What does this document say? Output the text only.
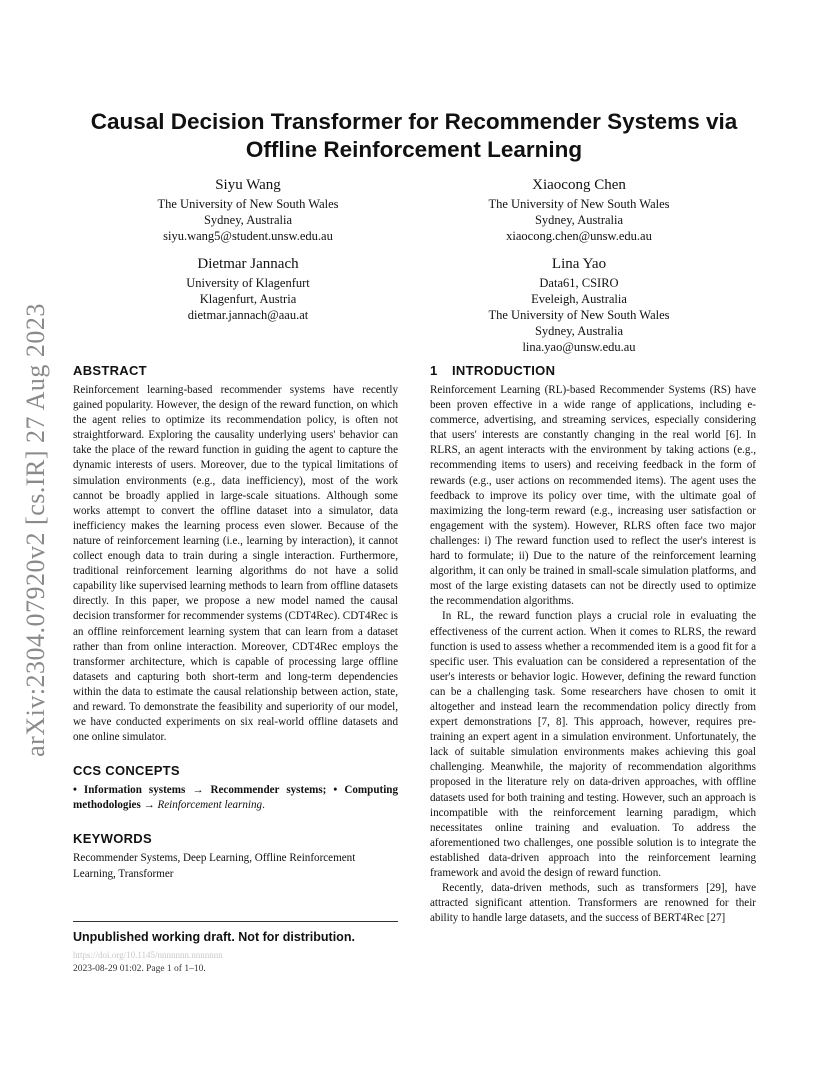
arXiv:2304.07920v2 [cs.IR] 27 Aug 2023
Causal Decision Transformer for Recommender Systems via Offline Reinforcement Learning
Siyu Wang
The University of New South Wales
Sydney, Australia
siyu.wang5@student.unsw.edu.au
Xiaocong Chen
The University of New South Wales
Sydney, Australia
xiaocong.chen@unsw.edu.au
Dietmar Jannach
University of Klagenfurt
Klagenfurt, Austria
dietmar.jannach@aau.at
Lina Yao
Data61, CSIRO
Eveleigh, Australia
The University of New South Wales
Sydney, Australia
lina.yao@unsw.edu.au
ABSTRACT

Reinforcement learning-based recommender systems have recently gained popularity. However, the design of the reward function, on which the agent relies to optimize its recommendation policy, is often not straightforward. Exploring the causality underlying users' behavior can take the place of the reward function in guiding the agent to capture the dynamic interests of users. Moreover, due to the typical limitations of simulation environments (e.g., data inefficiency), most of the work cannot be broadly applied in large-scale situations. Although some works attempt to convert the offline dataset into a simulator, data inefficiency makes the learning process even slower. Because of the nature of reinforcement learning (i.e., learning by interaction), it cannot collect enough data to train during a single interaction. Furthermore, traditional reinforcement learning algorithms do not have a solid capability like supervised learning methods to learn from offline datasets directly. In this paper, we propose a new model named the causal decision transformer for recommender systems (CDT4Rec). CDT4Rec is an offline reinforcement learning system that can learn from a dataset rather than from online interaction. Moreover, CDT4Rec employs the transformer architecture, which is capable of processing large offline datasets and capturing both short-term and long-term dependencies within the data to estimate the causal relationship between action, state, and reward. To demonstrate the feasibility and superiority of our model, we have conducted experiments on six real-world offline datasets and one online simulator.

CCS CONCEPTS

• Information systems → Recommender systems; • Computing methodologies → Reinforcement learning.

KEYWORDS

Recommender Systems, Deep Learning, Offline Reinforcement Learning, Transformer

1 INTRODUCTION

Reinforcement Learning (RL)-based Recommender Systems (RS) have been proven effective in a wide range of applications, including e-commerce, advertising, and streaming services, especially considering that users' interests are constantly changing in the real world [6]. In RLRS, an agent interacts with the environment by taking actions (e.g., recommending items to users) and receiving feedback in the form of rewards (e.g., user actions on recommended items). The agent uses the feedback to improve its policy over time, with the ultimate goal of maximizing the long-term reward (e.g., increasing user satisfaction or engagement with the system). However, RLRS often face two major challenges: i) The reward function used to reflect the user's interest is hard to formulate; ii) Due to the nature of the reinforcement learning algorithm, it can only be trained in small-scale simulation platforms, and most of the large existing datasets can not be directly used to optimize the recommendation algorithms.

In RL, the reward function plays a crucial role in evaluating the effectiveness of the current action. When it comes to RLRS, the reward function is used to assess whether a recommended item is a good fit for a specific user. This evaluation can be considered a representation of the user's interests or behavior logic. However, defining the reward function can be a challenging task. Some researchers have chosen to omit it altogether and instead learn the recommendation policy directly from expert demonstrations [7, 8]. This approach, however, requires pre-training an expert agent in a simulation environment. Unfortunately, the lack of suitable simulation environments makes achieving this goal challenging. Meanwhile, the majority of recommendation algorithms proposed in the literature rely on data-driven approaches, with offline datasets used for both training and testing. However, such an approach is incompatible with the reinforcement learning paradigm, which necessitates online training and evaluation. To address the aforementioned two challenges, one possible solution is to integrate the established data-driven approach into the reinforcement learning framework and avoid the design of reward function.

Recently, data-driven methods, such as transformers [29], have attracted significant attention. Transformers are renowned for their ability to handle large datasets, and the success of BERT4Rec [27]

Unpublished working draft. Not for distribution.
https://doi.org/10.1145/nnnnnnn.nnnnnnn
2023-08-29 01:02. Page 1 of 1–10.
